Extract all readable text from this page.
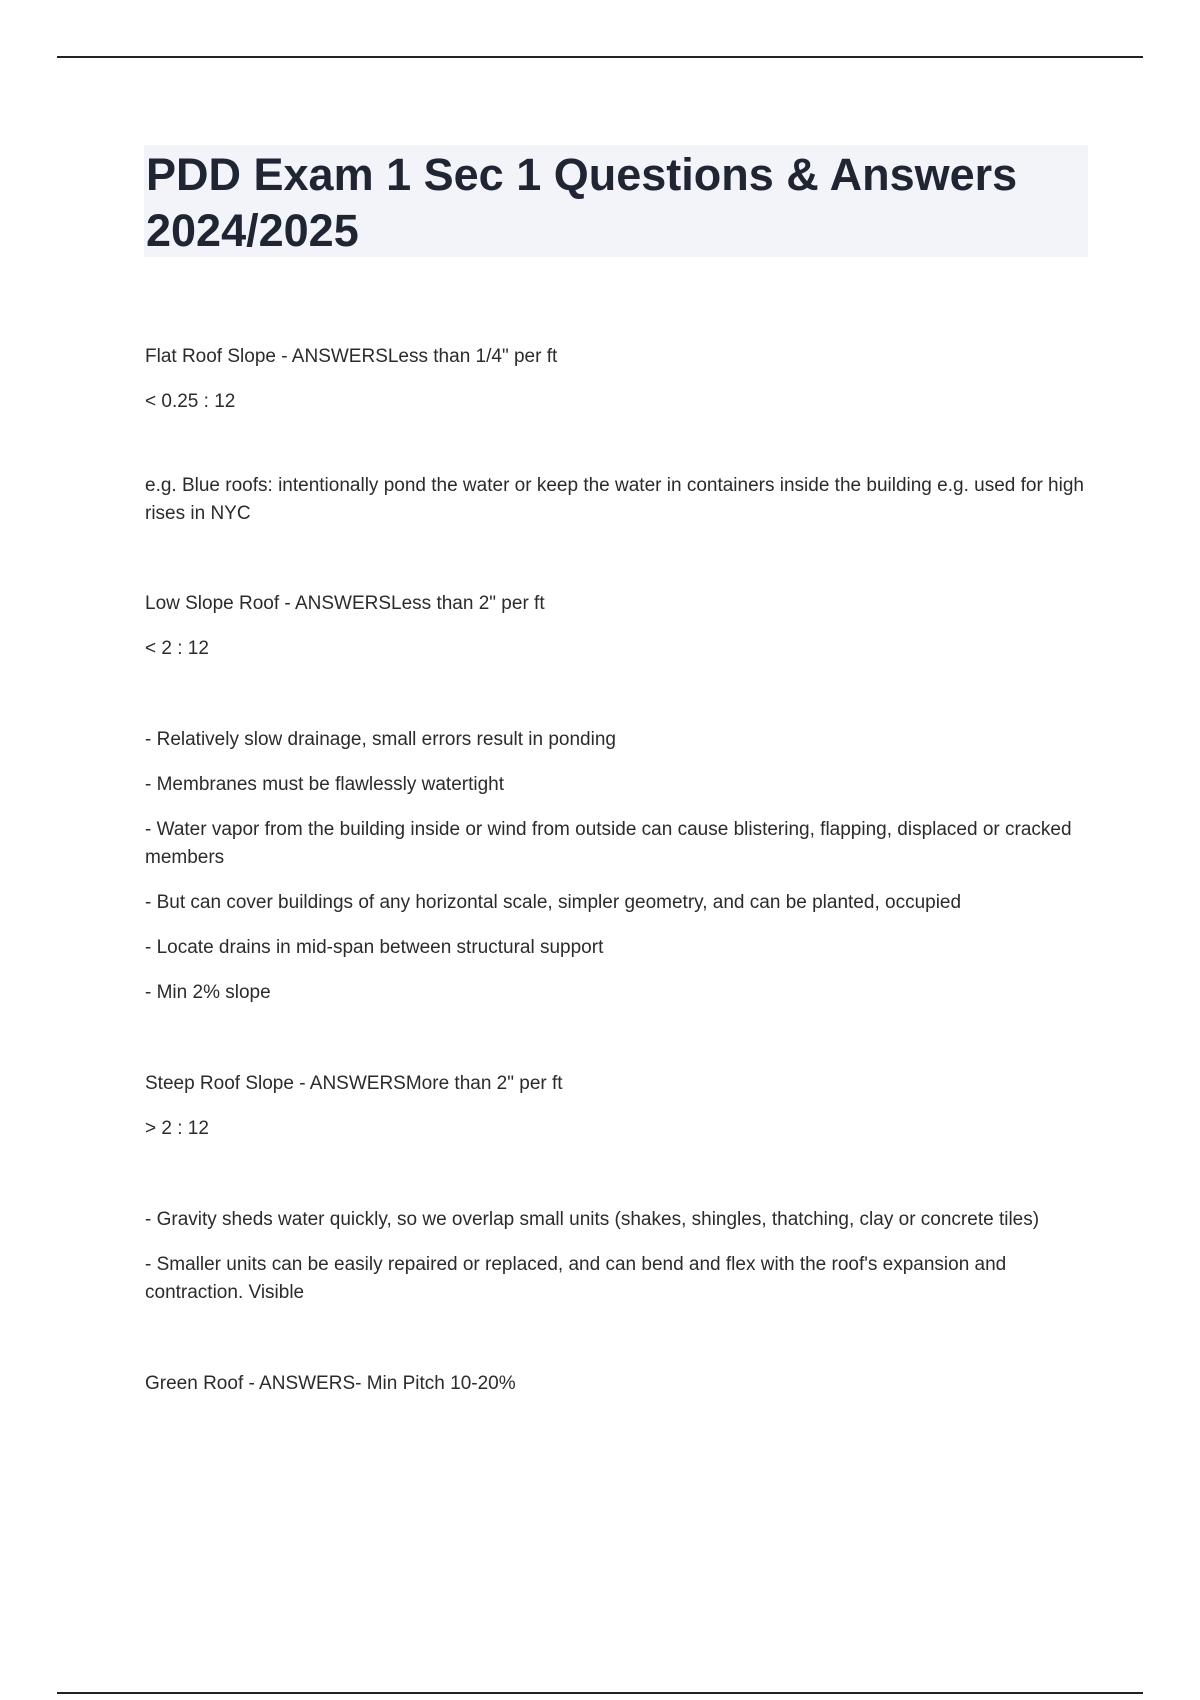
PDD Exam 1 Sec 1 Questions & Answers 2024/2025

Flat Roof Slope - ANSWERSLess than 1/4" per ft

< 0.25 : 12

e.g. Blue roofs: intentionally pond the water or keep the water in containers inside the building e.g. used for high rises in NYC

Low Slope Roof - ANSWERSLess than 2" per ft

< 2 : 12

- Relatively slow drainage, small errors result in ponding

- Membranes must be flawlessly watertight

- Water vapor from the building inside or wind from outside can cause blistering, flapping, displaced or cracked members

- But can cover buildings of any horizontal scale, simpler geometry, and can be planted, occupied

- Locate drains in mid-span between structural support

- Min 2% slope

Steep Roof Slope - ANSWERSMore than 2" per ft

> 2 : 12

- Gravity sheds water quickly, so we overlap small units (shakes, shingles, thatching, clay or concrete tiles)

- Smaller units can be easily repaired or replaced, and can bend and flex with the roof's expansion and contraction. Visible

Green Roof - ANSWERS- Min Pitch 10-20%
